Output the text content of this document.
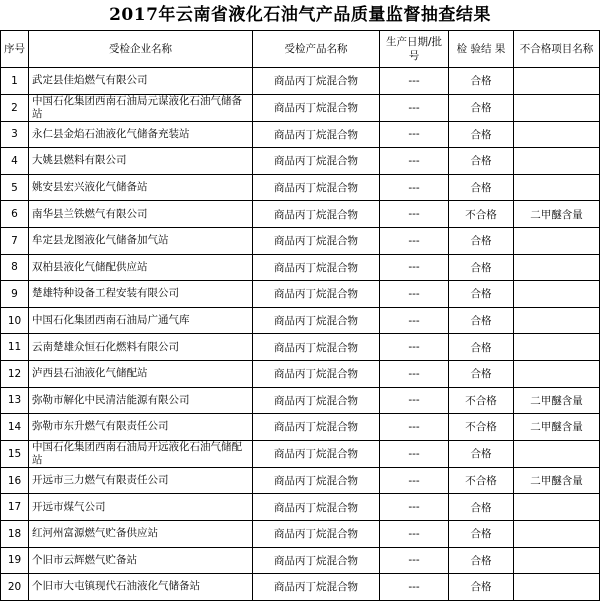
2017年云南省液化石油气产品质量监督抽查结果
序号	受检企业名称	受检产品名称	生产日期/批号	检 验结 果	不合格项目名称
1	武定县佳焰燃气有限公司	商品丙丁烷混合物	---	合格	
2	中国石化集团西南石油局元谋液化石油气储备站	商品丙丁烷混合物	---	合格	
3	永仁县金焰石油液化气储备充装站	商品丙丁烷混合物	---	合格	
4	大姚县燃料有限公司	商品丙丁烷混合物	---	合格	
5	姚安县宏兴液化气储备站	商品丙丁烷混合物	---	合格	
6	南华县兰铁燃气有限公司	商品丙丁烷混合物	---	不合格	二甲醚含量
7	牟定县龙图液化气储备加气站	商品丙丁烷混合物	---	合格	
8	双柏县液化气储配供应站	商品丙丁烷混合物	---	合格	
9	楚雄特种设备工程安装有限公司	商品丙丁烷混合物	---	合格	
10	中国石化集团西南石油局广通气库	商品丙丁烷混合物	---	合格	
11	云南楚雄众恒石化燃料有限公司	商品丙丁烷混合物	---	合格	
12	泸西县石油液化气储配站	商品丙丁烷混合物	---	合格	
13	弥勒市解化中民清洁能源有限公司	商品丙丁烷混合物	---	不合格	二甲醚含量
14	弥勒市东升燃气有限责任公司	商品丙丁烷混合物	---	不合格	二甲醚含量
15	中国石化集团西南石油局开远液化石油气储配站	商品丙丁烷混合物	---	合格	
16	开远市三力燃气有限责任公司	商品丙丁烷混合物	---	不合格	二甲醚含量
17	开远市煤气公司	商品丙丁烷混合物	---	合格	
18	红河州富源燃气贮备供应站	商品丙丁烷混合物	---	合格	
19	个旧市云辉燃气贮备站	商品丙丁烷混合物	---	合格	
20	个旧市大屯镇现代石油液化气储备站	商品丙丁烷混合物	---	合格	
